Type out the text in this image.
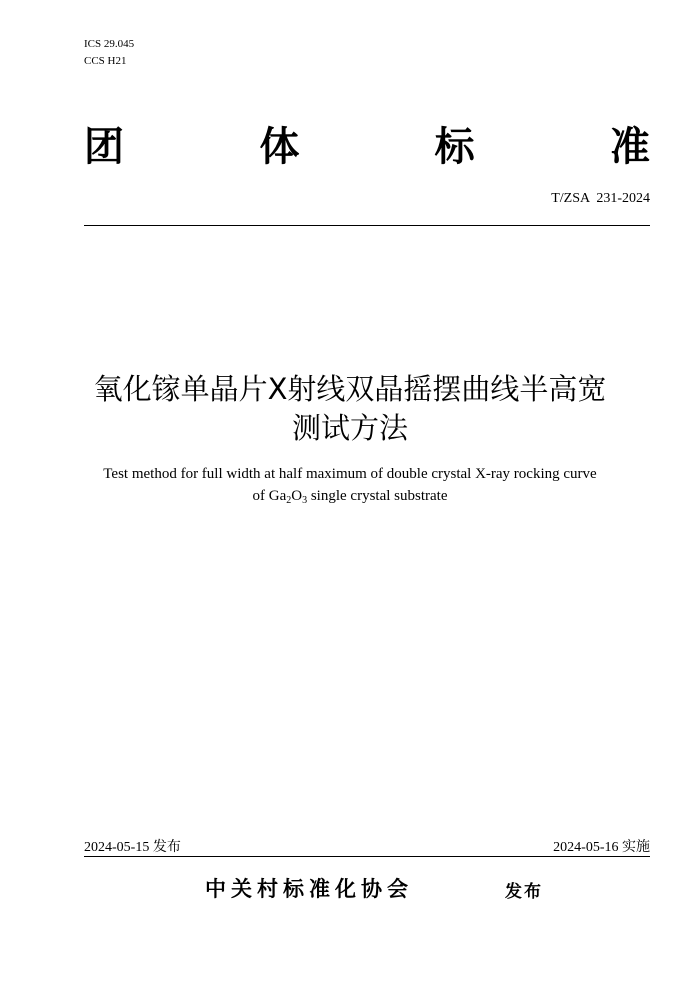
ICS 29.045
CCS H21
团	体	标	准
T/ZSA  231-2024
氧化镓单晶片X射线双晶摇摆曲线半高宽
测试方法
Test method for full width at half maximum of double crystal X-ray rocking curve
of $Ga_2O_3$ single crystal substrate
2024-05-15 发布	2024-05-16 实施
中关村标准化协会	发布
